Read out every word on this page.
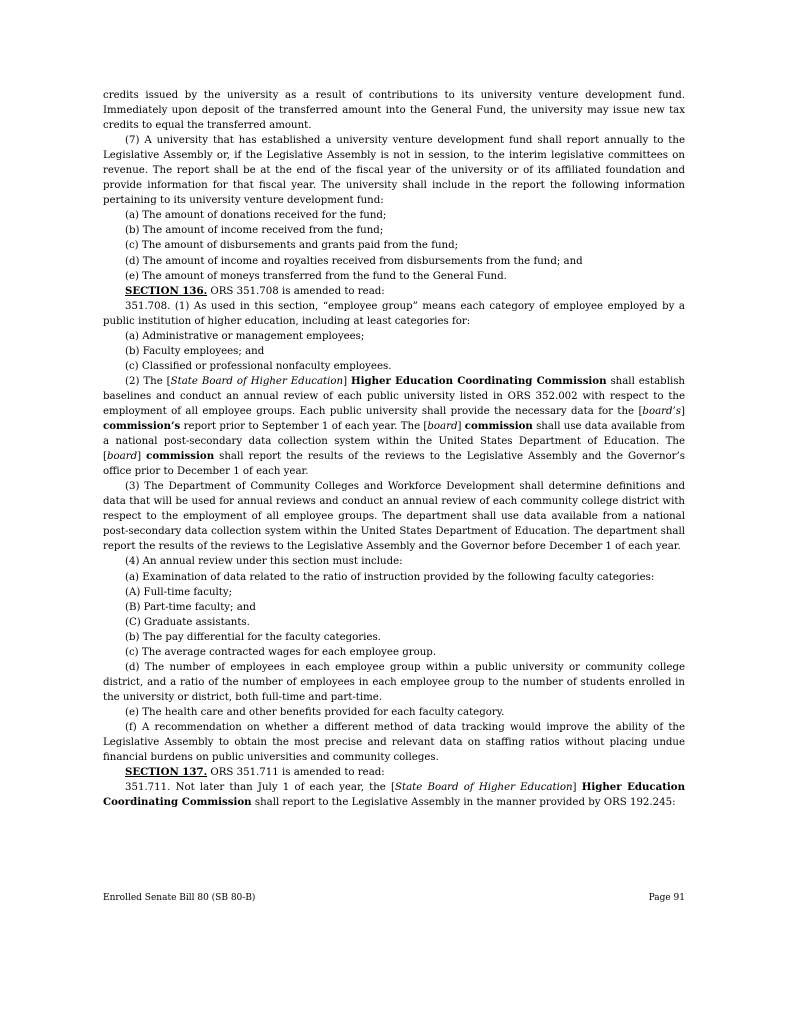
credits issued by the university as a result of contributions to its university venture development fund. Immediately upon deposit of the transferred amount into the General Fund, the university may issue new tax credits to equal the transferred amount.

(7) A university that has established a university venture development fund shall report annually to the Legislative Assembly or, if the Legislative Assembly is not in session, to the interim legislative committees on revenue. The report shall be at the end of the fiscal year of the university or of its affiliated foundation and provide information for that fiscal year. The university shall include in the report the following information pertaining to its university venture development fund:

(a) The amount of donations received for the fund;

(b) The amount of income received from the fund;

(c) The amount of disbursements and grants paid from the fund;

(d) The amount of income and royalties received from disbursements from the fund; and

(e) The amount of moneys transferred from the fund to the General Fund.

SECTION 136. ORS 351.708 is amended to read:

351.708. (1) As used in this section, “employee group” means each category of employee employed by a public institution of higher education, including at least categories for:

(a) Administrative or management employees;

(b) Faculty employees; and

(c) Classified or professional nonfaculty employees.

(2) The [State Board of Higher Education] Higher Education Coordinating Commission shall establish baselines and conduct an annual review of each public university listed in ORS 352.002 with respect to the employment of all employee groups. Each public university shall provide the necessary data for the [board’s] commission’s report prior to September 1 of each year. The [board] commission shall use data available from a national post-secondary data collection system within the United States Department of Education. The [board] commission shall report the results of the reviews to the Legislative Assembly and the Governor’s office prior to December 1 of each year.

(3) The Department of Community Colleges and Workforce Development shall determine definitions and data that will be used for annual reviews and conduct an annual review of each community college district with respect to the employment of all employee groups. The department shall use data available from a national post-secondary data collection system within the United States Department of Education. The department shall report the results of the reviews to the Legislative Assembly and the Governor before December 1 of each year.

(4) An annual review under this section must include:

(a) Examination of data related to the ratio of instruction provided by the following faculty categories:

(A) Full-time faculty;

(B) Part-time faculty; and

(C) Graduate assistants.

(b) The pay differential for the faculty categories.

(c) The average contracted wages for each employee group.

(d) The number of employees in each employee group within a public university or community college district, and a ratio of the number of employees in each employee group to the number of students enrolled in the university or district, both full-time and part-time.

(e) The health care and other benefits provided for each faculty category.

(f) A recommendation on whether a different method of data tracking would improve the ability of the Legislative Assembly to obtain the most precise and relevant data on staffing ratios without placing undue financial burdens on public universities and community colleges.

SECTION 137. ORS 351.711 is amended to read:

351.711. Not later than July 1 of each year, the [State Board of Higher Education] Higher Education Coordinating Commission shall report to the Legislative Assembly in the manner provided by ORS 192.245:

Enrolled Senate Bill 80 (SB 80-B)	Page 91
